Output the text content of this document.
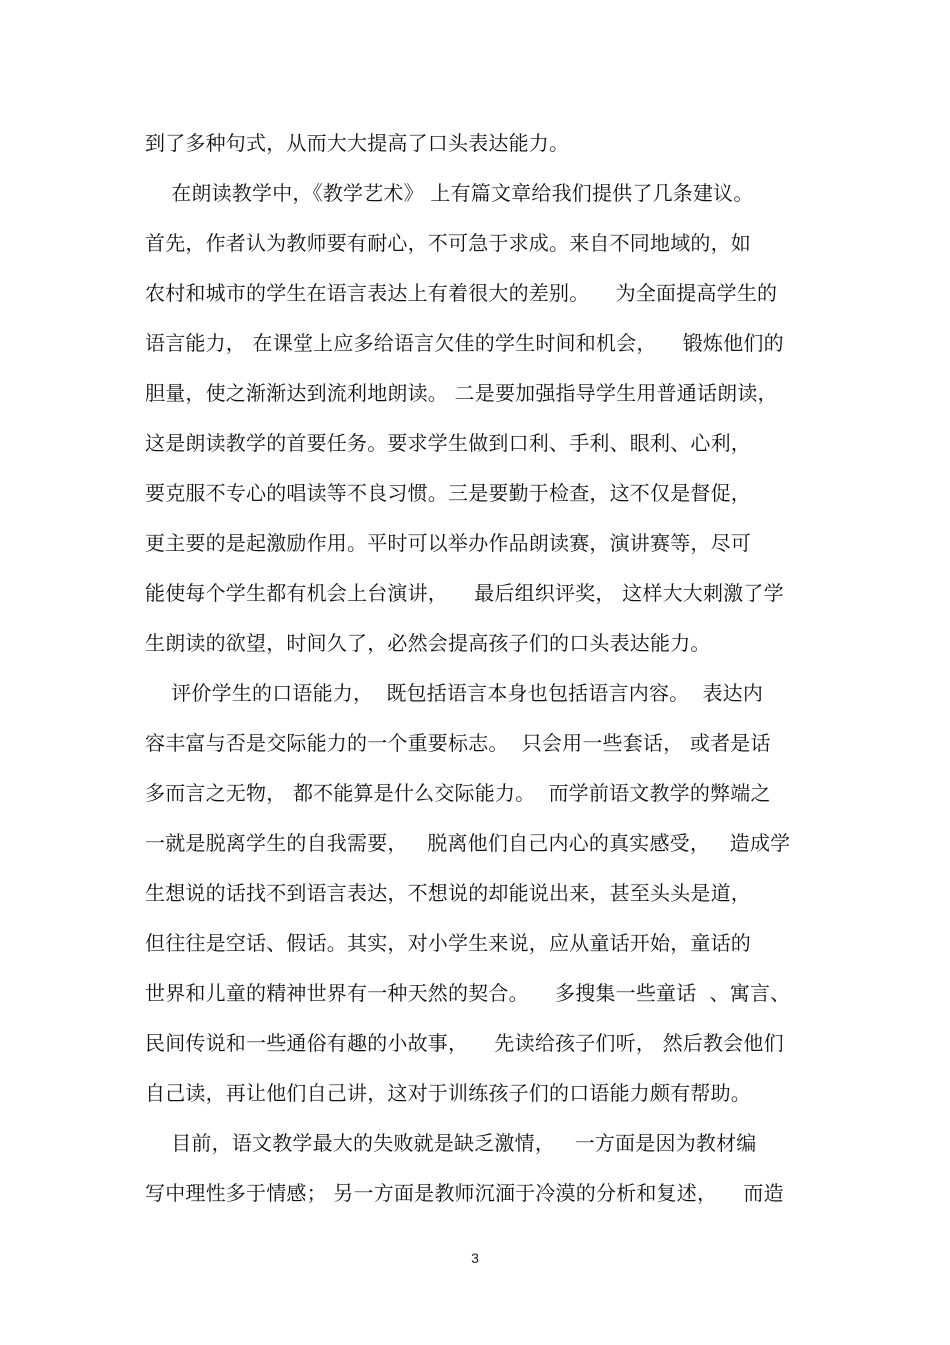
到了多种句式，从而大大提高了口头表达能力。
在朗读教学中，《教学艺术》 上有篇文章给我们提供了几条建议。
首先，作者认为教师要有耐心，不可急于求成。来自不同地域的，如
农村和城市的学生在语言表达上有着很大的差别。    为全面提高学生的
语言能力， 在课堂上应多给语言欠佳的学生时间和机会，    锻炼他们的
胆量，使之渐渐达到流利地朗读。 二是要加强指导学生用普通话朗读，
这是朗读教学的首要任务。要求学生做到口利、手利、眼利、心利，
要克服不专心的唱读等不良习惯。三是要勤于检查，这不仅是督促，
更主要的是起激励作用。平时可以举办作品朗读赛，演讲赛等，尽可
能使每个学生都有机会上台演讲，    最后组织评奖， 这样大大刺激了学
生朗读的欲望，时间久了，必然会提高孩子们的口头表达能力。
评价学生的口语能力，  既包括语言本身也包括语言内容。  表达内
容丰富与否是交际能力的一个重要标志。  只会用一些套话， 或者是话
多而言之无物， 都不能算是什么交际能力。  而学前语文教学的弊端之
一就是脱离学生的自我需要，   脱离他们自己内心的真实感受，   造成学
生想说的话找不到语言表达，不想说的却能说出来，甚至头头是道，
但往往是空话、假话。其实，对小学生来说，应从童话开始，童话的
世界和儿童的精神世界有一种天然的契合。    多搜集一些童话  、寓言、
民间传说和一些通俗有趣的小故事，    先读给孩子们听， 然后教会他们
自己读，再让他们自己讲，这对于训练孩子们的口语能力颇有帮助。
目前，语文教学最大的失败就是缺乏激情，   一方面是因为教材编
写中理性多于情感； 另一方面是教师沉湎于冷漠的分析和复述，    而造
3
